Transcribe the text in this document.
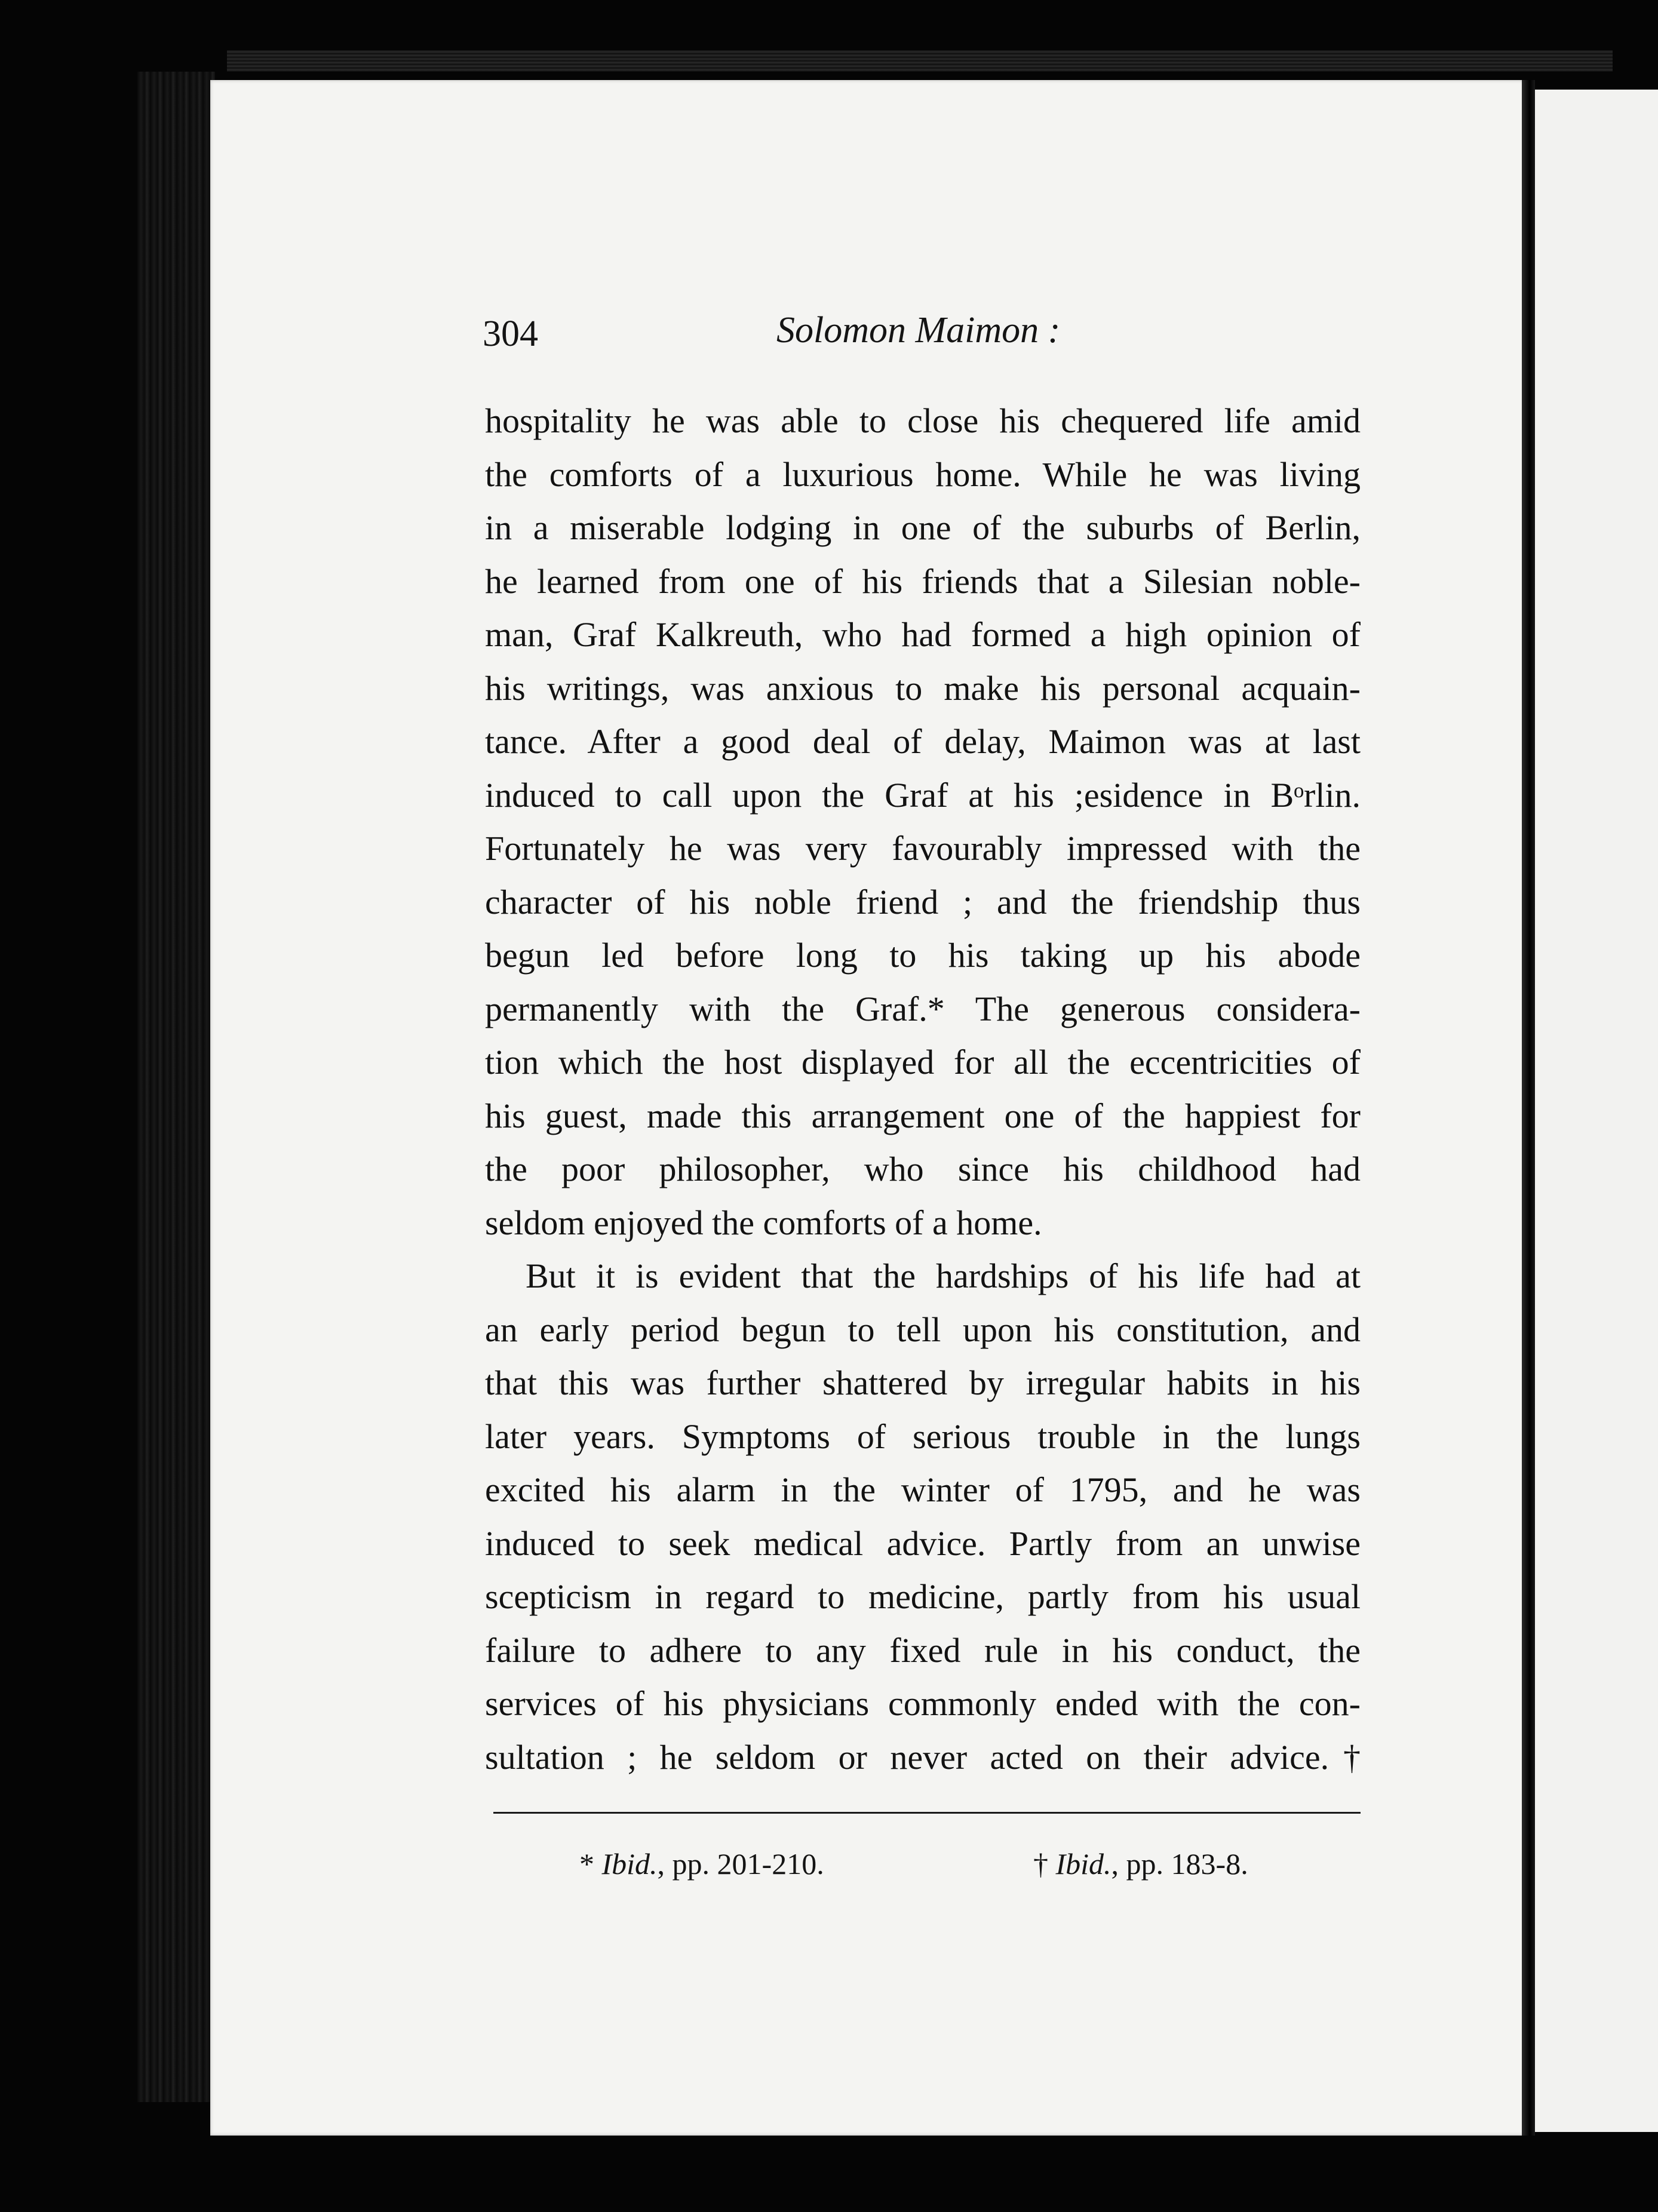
304	Solomon Maimon :
hospitality he was able to close his chequered life amid
the comforts of a luxurious home. While he was living
in a miserable lodging in one of the suburbs of Berlin,
he learned from one of his friends that a Silesian noble-
man, Graf Kalkreuth, who had formed a high opinion of
his writings, was anxious to make his personal acquain-
tance. After a good deal of delay, Maimon was at last
induced to call upon the Graf at his ;esidence in Bᵒrlin.
Fortunately he was very favourably impressed with the
character of his noble friend ; and the friendship thus
begun led before long to his taking up his abode
permanently with the Graf.* The generous considera-
tion which the host displayed for all the eccentricities of
his guest, made this arrangement one of the happiest for
the poor philosopher, who since his childhood had
seldom enjoyed the comforts of a home.
But it is evident that the hardships of his life had at
an early period begun to tell upon his constitution, and
that this was further shattered by irregular habits in his
later years. Symptoms of serious trouble in the lungs
excited his alarm in the winter of 1795, and he was
induced to seek medical advice. Partly from an unwise
scepticism in regard to medicine, partly from his usual
failure to adhere to any fixed rule in his conduct, the
services of his physicians commonly ended with the con-
sultation ; he seldom or never acted on their advice.†
* Ibid., pp. 201-210.	† Ibid., pp. 183-8.
